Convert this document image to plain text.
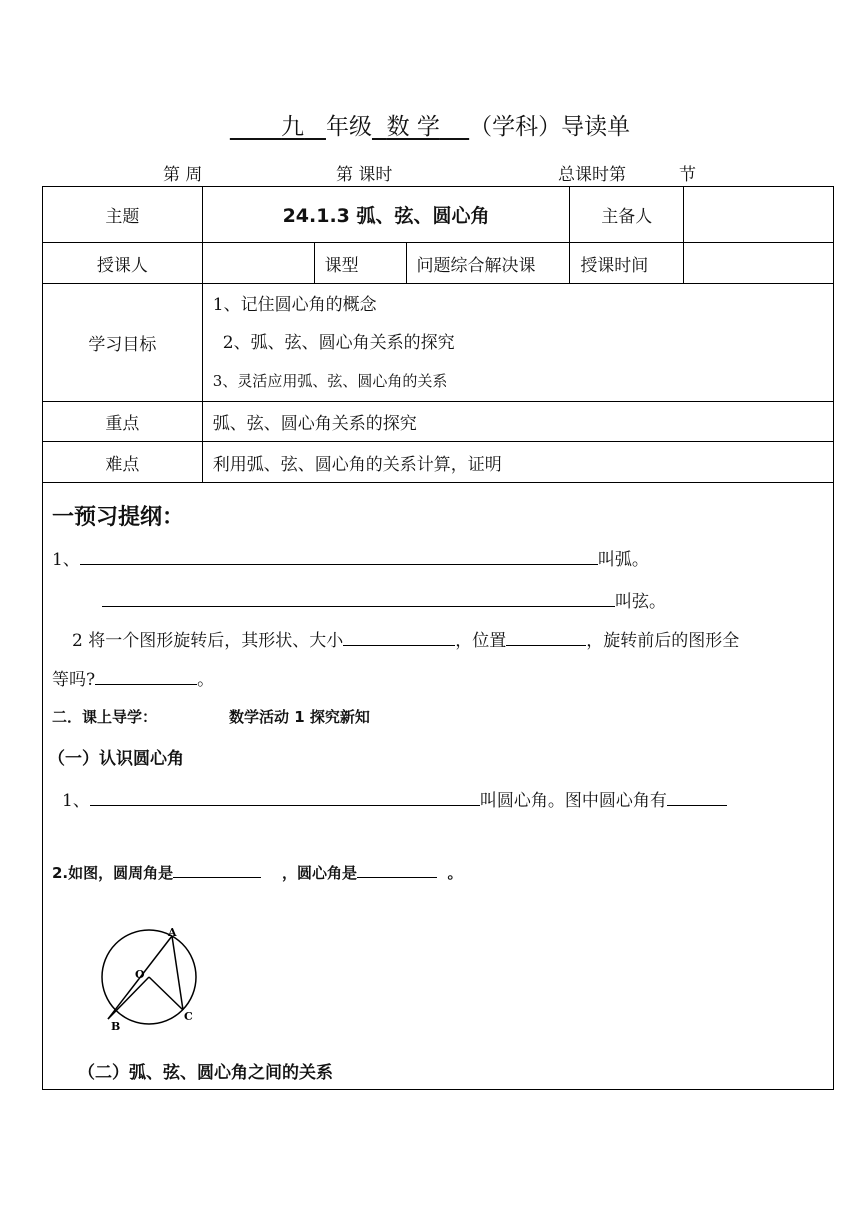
九 年级 数 学 （学科）导读单
第 周	第 课时	总课时第	节
主题	24.1.3 弧、弦、圆心角			主备人	
授课人		课型	问题综合解决课	授课时间	
学习目标	1、记住圆心角的概念
2、弧、弦、圆心角关系的探究
3、灵活应用弧、弦、圆心角的关系				

重点	弧、弦、圆心角关系的探究				
难点	利用弧、弦、圆心角的关系计算，证明				
一预习提纲：
1、	叫弧。
叫弦。
2 将一个图形旋转后，其形状、大小	，位置	，旋转前后的图形全
等吗?	。
二．课上导学：	数学活动 1 探究新知
（一）认识圆心角
1、	叫圆心角。图中圆心角有
2.如图，圆周角是	，圆心角是	。
A
O
B
C
（二）弧、弦、圆心角之间的关系
